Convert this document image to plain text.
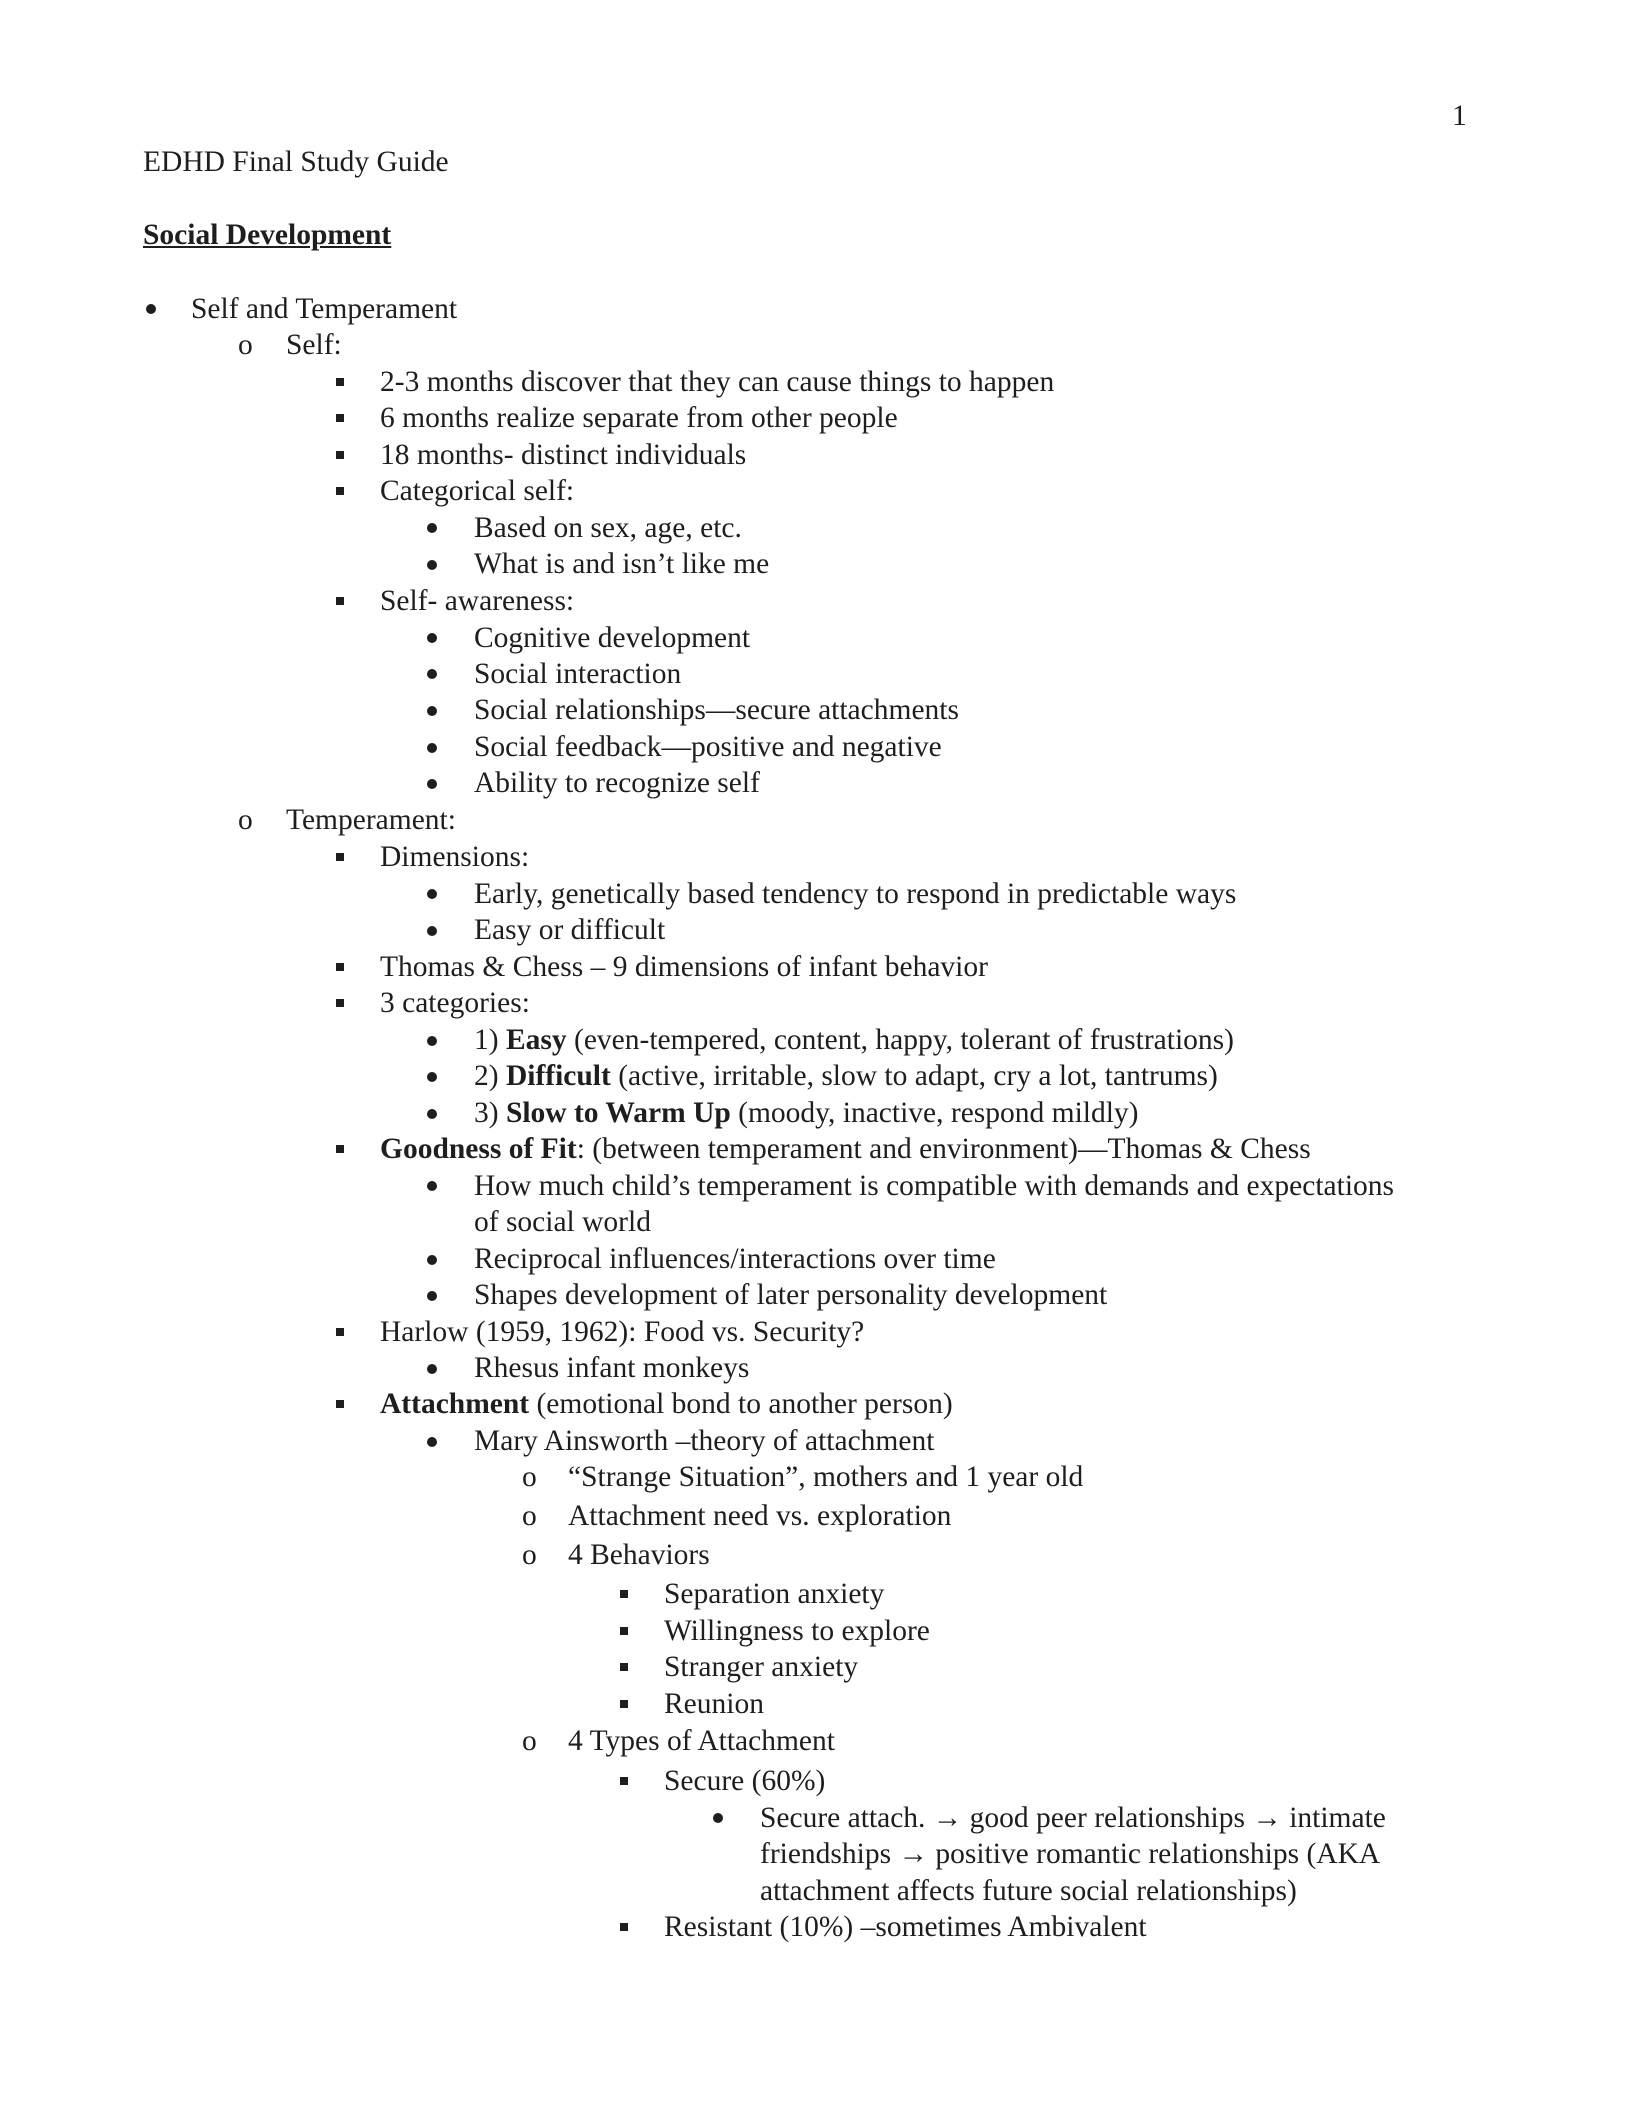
1
EDHD Final Study Guide
Social Development
Self and Temperament
o Self:
2-3 months discover that they can cause things to happen
6 months realize separate from other people
18 months- distinct individuals
Categorical self:
Based on sex, age, etc.
What is and isn’t like me
Self- awareness:
Cognitive development
Social interaction
Social relationships—secure attachments
Social feedback—positive and negative
Ability to recognize self
o Temperament:
Dimensions:
Early, genetically based tendency to respond in predictable ways
Easy or difficult
Thomas & Chess – 9 dimensions of infant behavior
3 categories:
1) Easy (even-tempered, content, happy, tolerant of frustrations)
2) Difficult (active, irritable, slow to adapt, cry a lot, tantrums)
3) Slow to Warm Up (moody, inactive, respond mildly)
Goodness of Fit: (between temperament and environment)—Thomas & Chess
How much child’s temperament is compatible with demands and expectations
of social world
Reciprocal influences/interactions over time
Shapes development of later personality development
Harlow (1959, 1962): Food vs. Security?
Rhesus infant monkeys
Attachment (emotional bond to another person)
Mary Ainsworth –theory of attachment
o “Strange Situation”, mothers and 1 year old
o Attachment need vs. exploration
o 4 Behaviors
Separation anxiety
Willingness to explore
Stranger anxiety
Reunion
o 4 Types of Attachment
Secure (60%)
Secure attach. → good peer relationships → intimate
friendships → positive romantic relationships (AKA
attachment affects future social relationships)
Resistant (10%) –sometimes Ambivalent
